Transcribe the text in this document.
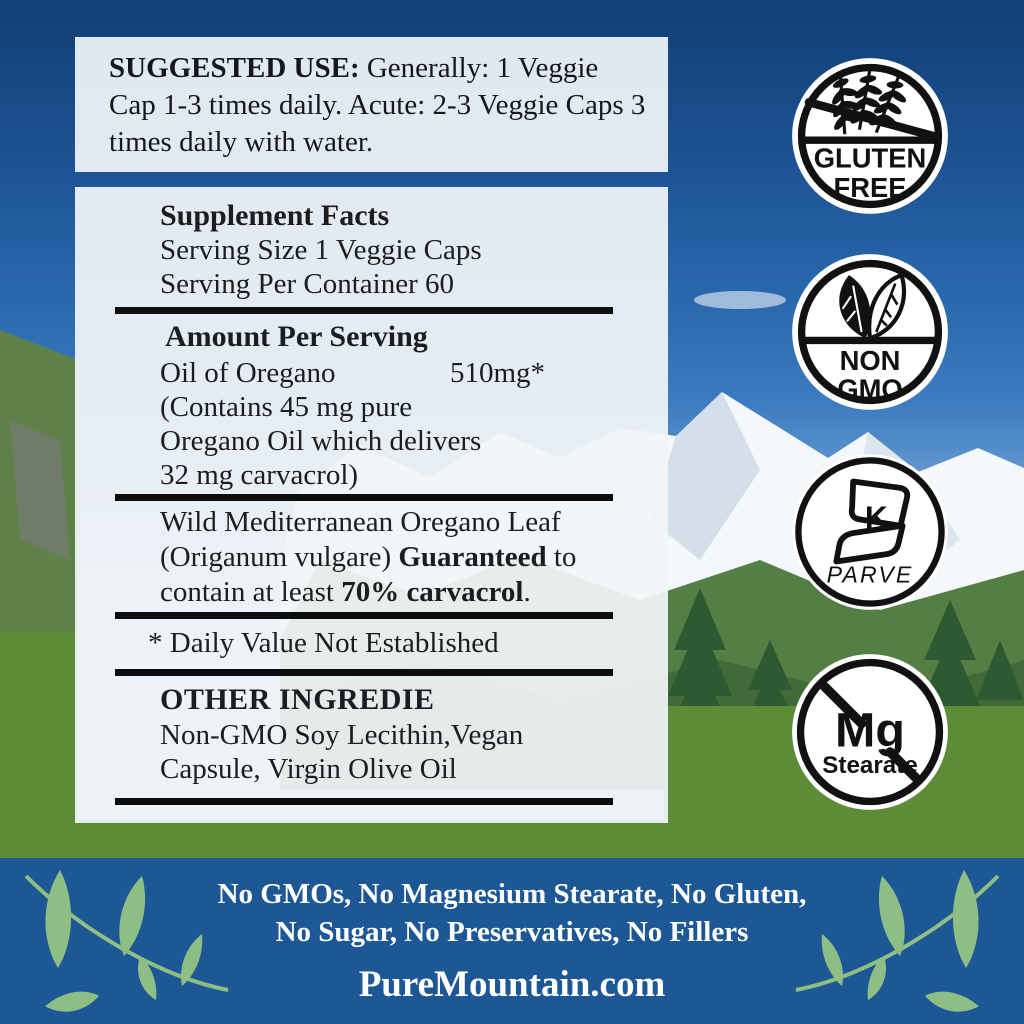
SUGGESTED USE: Generally: 1 Veggie Cap 1-3 times daily. Acute: 2-3 Veggie Caps 3 times daily with water.
Supplement Facts
Serving Size 1 Veggie Caps
Serving Per Container 60
Amount Per Serving
Oil of Oregano	510mg*
(Contains 45 mg pure
Oregano Oil which delivers
32 mg carvacrol)
Wild Mediterranean Oregano Leaf (Origanum vulgare) Guaranteed to contain at least 70% carvacrol.
* Daily Value Not Established
OTHER INGREDIE
Non-GMO Soy Lecithin,Vegan
Capsule, Virgin Olive Oil
GLUTEN
FREE
NON
GMO
K
PARVE
Mg
Stearate
No GMOs, No Magnesium Stearate, No Gluten,
No Sugar, No Preservatives, No Fillers
PureMountain.com
